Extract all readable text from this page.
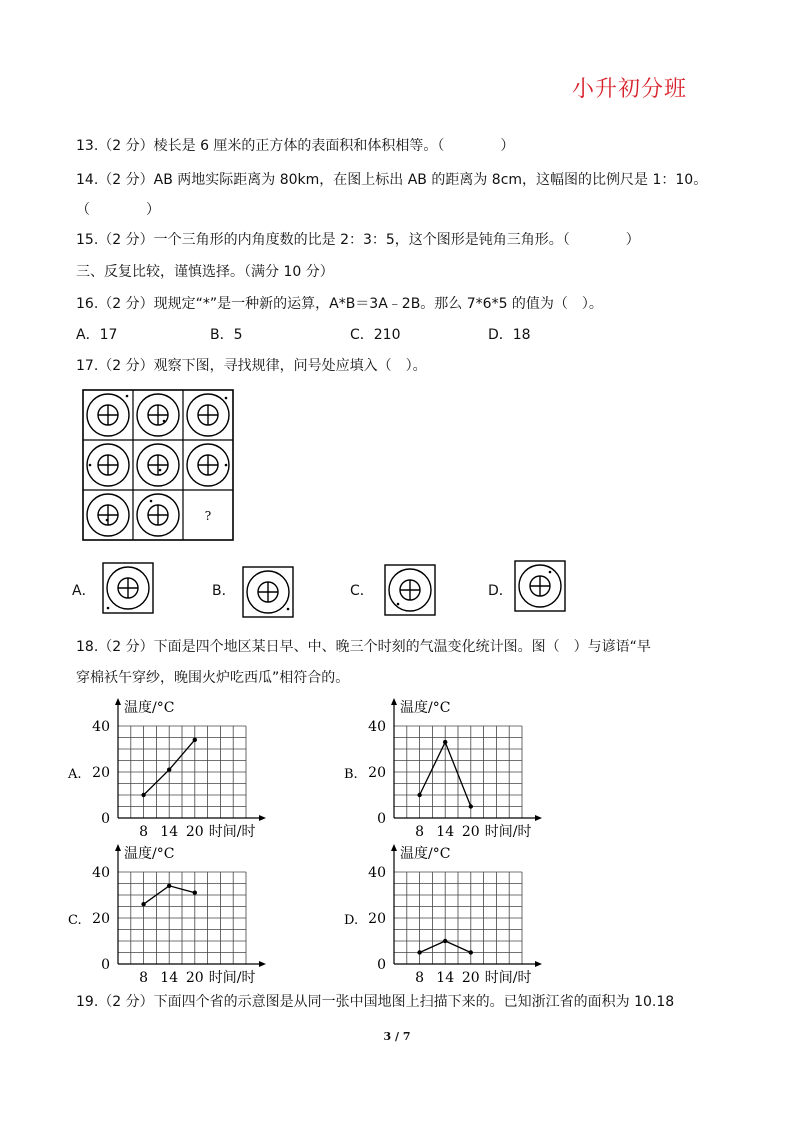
小升初分班
13.（2 分）棱长是 6 厘米的正方体的表面积和体积相等。（　　　　）
14.（2 分）AB 两地实际距离为 80km，在图上标出 AB 的距离为 8cm，这幅图的比例尺是 1：10。
（　　　　）
15.（2 分）一个三角形的内角度数的比是 2：3：5，这个图形是钝角三角形。（　　　　）
三、反复比较，谨慎选择。（满分 10 分）
16.（2 分）现规定“*”是一种新的运算，A*B＝3A﹣2B。那么 7*6*5 的值为（　）。
A．17	B．5	C．210	D．18
17.（2 分）观察下图，寻找规律，问号处应填入（　）。
?
A．	B．	C．	D．
18.（2 分）下面是四个地区某日早、中、晚三个时刻的气温变化统计图。图（　）与谚语“早
穿棉袄午穿纱，晚围火炉吃西瓜”相符合的。
温度/°C
A.
0
20
40
8 14 20 时间/时
温度/°C
B.
0
20
40
8 14 20 时间/时
温度/°C
C.
0
20
40
8 14 20 时间/时
温度/°C
D.
0
20
40
8 14 20 时间/时
19.（2 分）下面四个省的示意图是从同一张中国地图上扫描下来的。已知浙江省的面积为 10.18
3 / 7
